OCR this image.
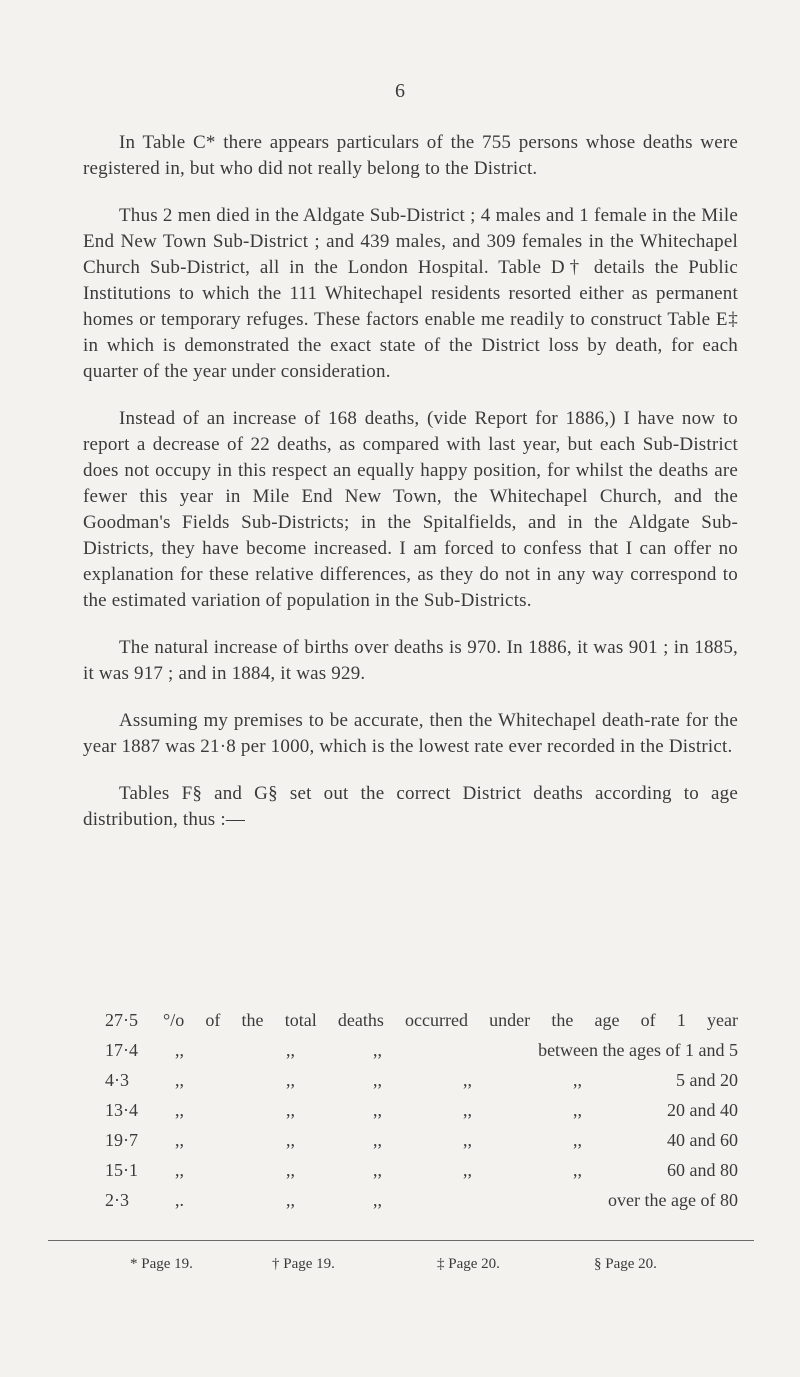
6

In Table C* there appears particulars of the 755 persons whose deaths were registered in, but who did not really belong to the District.

Thus 2 men died in the Aldgate Sub-District ; 4 males and 1 female in the Mile End New Town Sub-District ; and 439 males, and 309 females in the Whitechapel Church Sub-District, all in the London Hospital. Table D† details the Public Institutions to which the 111 Whitechapel residents resorted either as permanent homes or temporary refuges. These factors enable me readily to construct Table E‡ in which is demonstrated the exact state of the District loss by death, for each quarter of the year under consideration.

Instead of an increase of 168 deaths, (vide Report for 1886,) I have now to report a decrease of 22 deaths, as compared with last year, but each Sub-District does not occupy in this respect an equally happy position, for whilst the deaths are fewer this year in Mile End New Town, the Whitechapel Church, and the Goodman's Fields Sub-Districts; in the Spitalfields, and in the Aldgate Sub-Districts, they have become increased. I am forced to confess that I can offer no explanation for these relative differences, as they do not in any way correspond to the estimated variation of population in the Sub-Districts.

The natural increase of births over deaths is 970. In 1886, it was 901 ; in 1885, it was 917 ; and in 1884, it was 929.

Assuming my premises to be accurate, then the Whitechapel death-rate for the year 1887 was 21·8 per 1000, which is the lowest rate ever recorded in the District.

Tables F§ and G§ set out the correct District deaths according to age distribution, thus :—

27·5 °/o of the total deaths occurred under the age of 1 year
17·4 ,,	,,	,,	between the ages of 1 and 5
4·3	,,	,,	,,	,,	,,	5 and 20
13·4 ,,	,,	,,	,,	,,	20 and 40
19·7 ,,	,,	,,	,,	,,	40 and 60
15·1 ,,	,,	,,	,,	,,	60 and 80
2·3	,.	,,	,,	over the age of 80
* Page 19.	† Page 19.	‡ Page 20.	§ Page 20.
